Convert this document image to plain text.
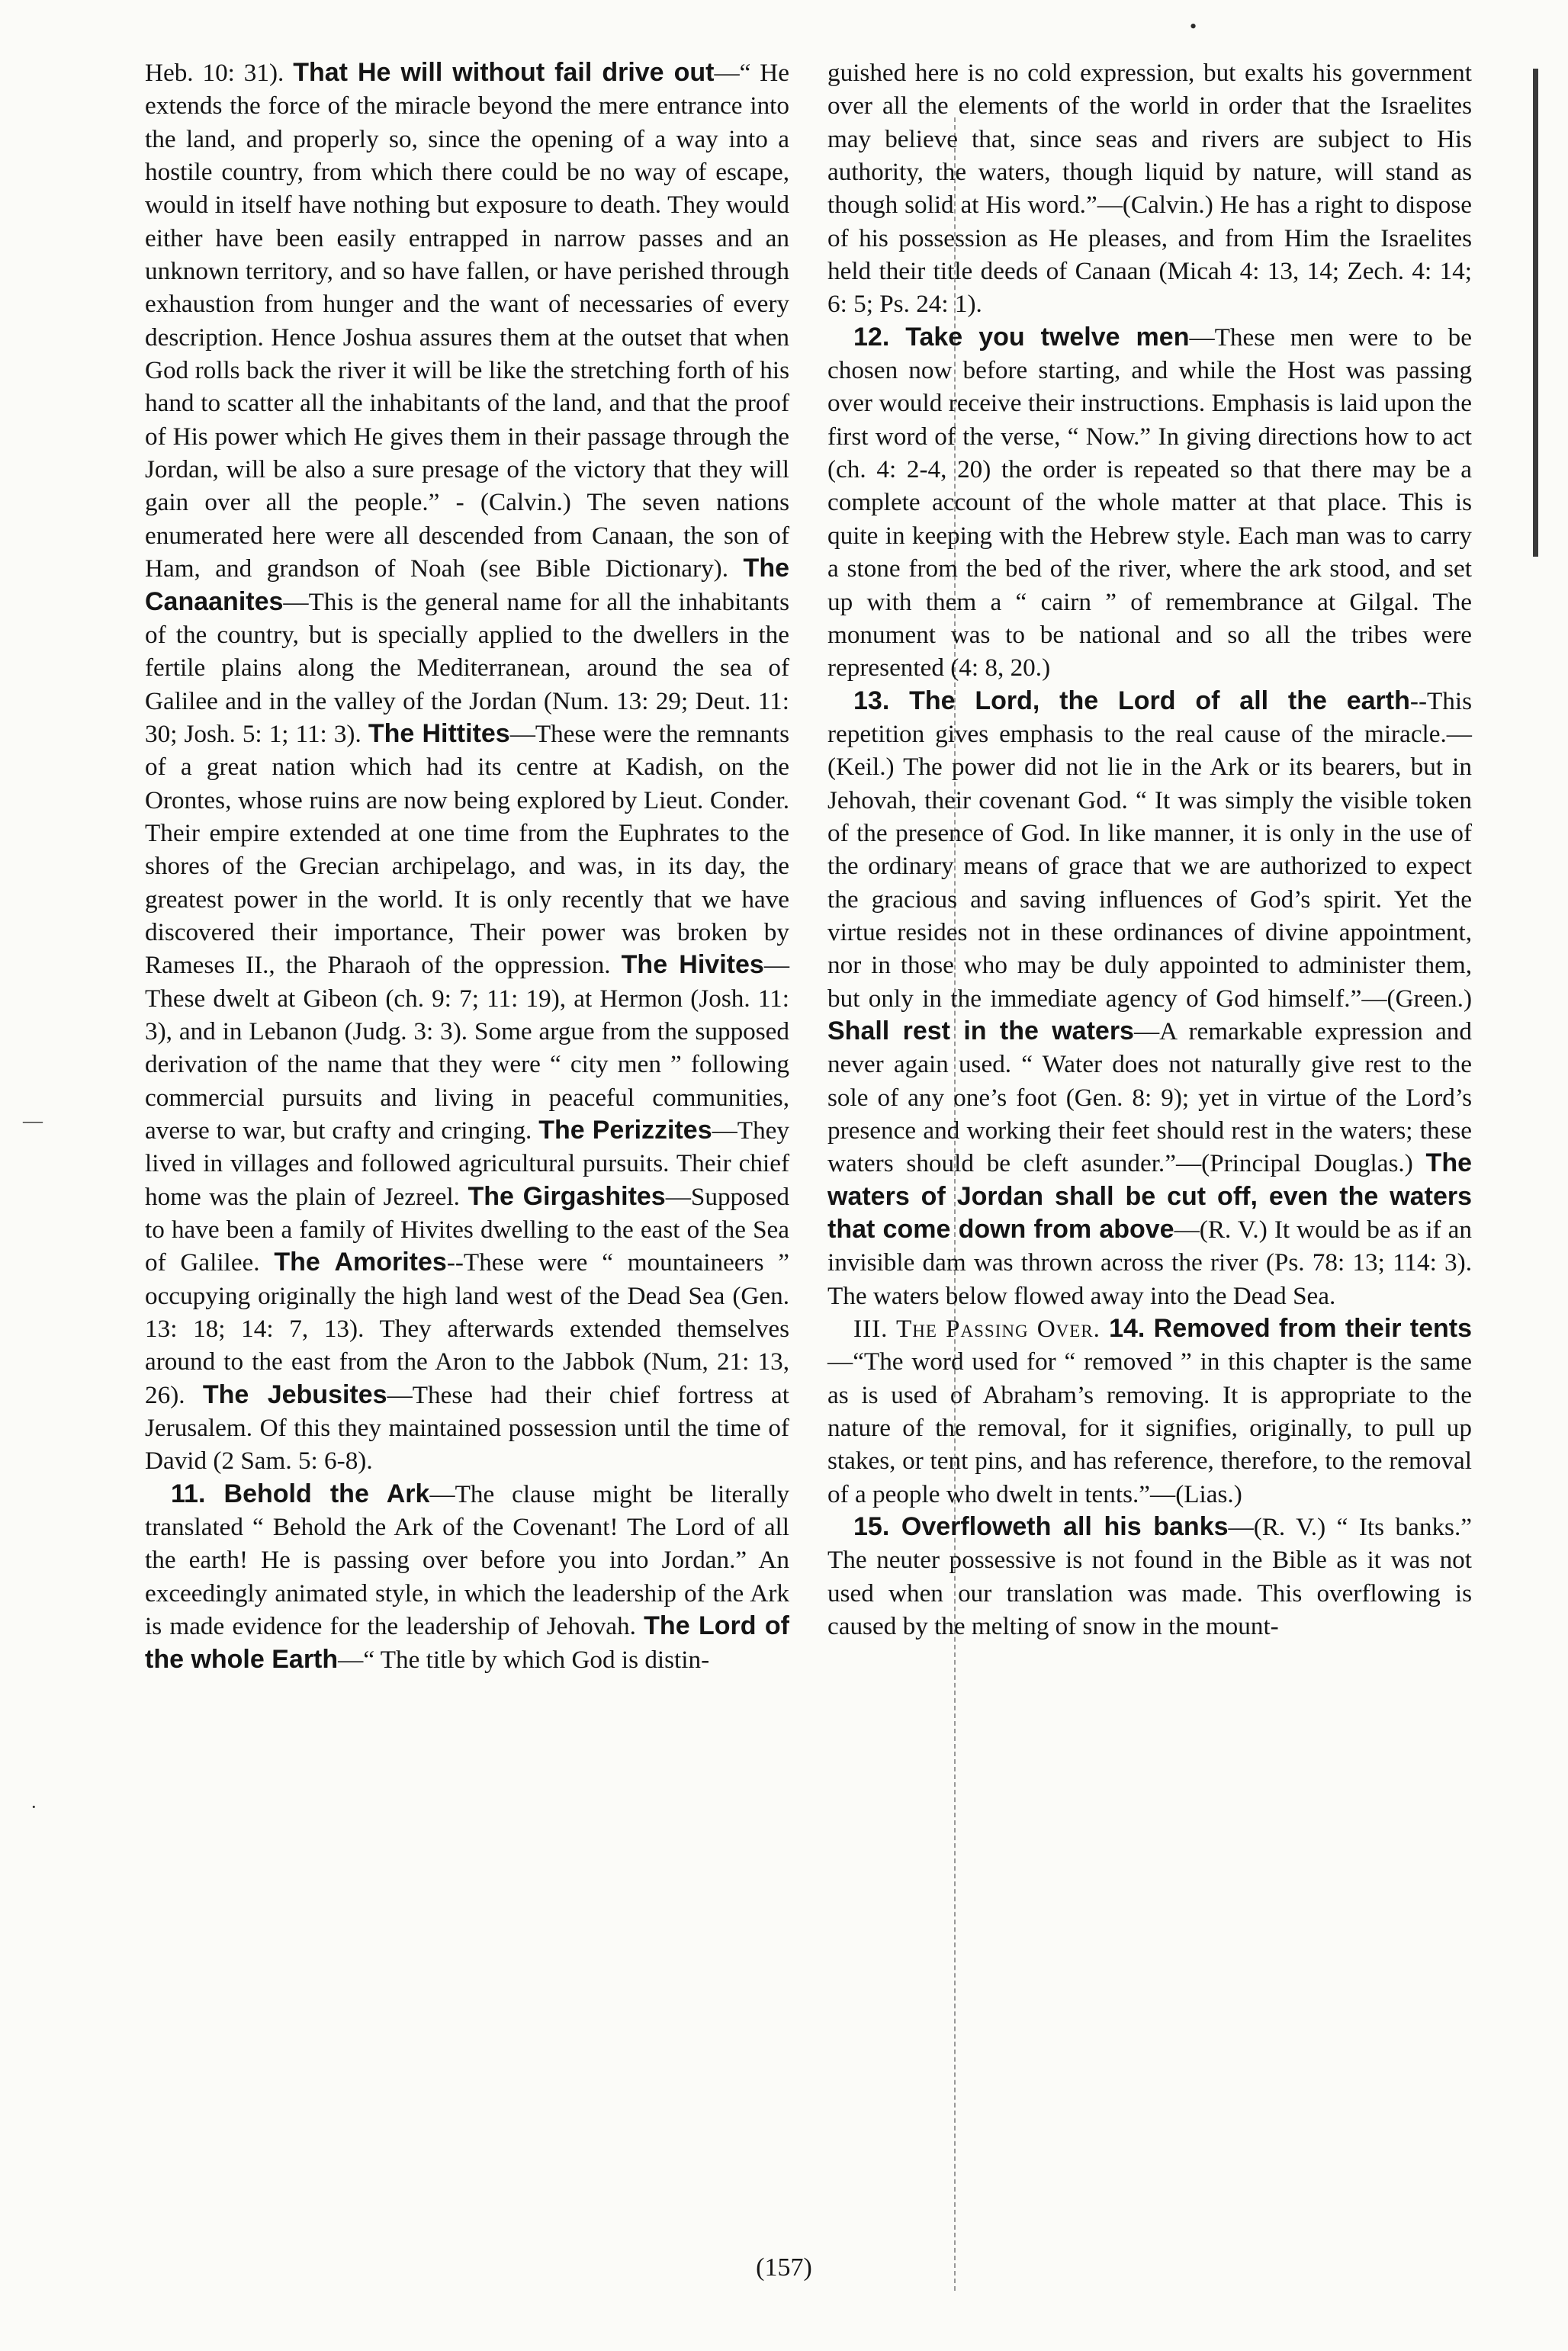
Heb. 10: 31). That He will without fail drive out—“ He extends the force of the miracle beyond the mere entrance into the land, and properly so, since the opening of a way into a hostile country, from which there could be no way of escape, would in itself have nothing but exposure to death. They would either have been easily entrapped in narrow passes and an unknown territory, and so have fallen, or have perished through exhaustion from hunger and the want of necessaries of every description. Hence Joshua assures them at the outset that when God rolls back the river it will be like the stretching forth of his hand to scatter all the inhabitants of the land, and that the proof of His power which He gives them in their passage through the Jordan, will be also a sure presage of the victory that they will gain over all the people.” - (Calvin.) The seven nations enumerated here were all descended from Canaan, the son of Ham, and grandson of Noah (see Bible Dictionary). The Canaanites—This is the general name for all the inhabitants of the country, but is specially applied to the dwellers in the fertile plains along the Mediterranean, around the sea of Galilee and in the valley of the Jordan (Num. 13: 29; Deut. 11: 30; Josh. 5: 1; 11: 3). The Hittites—These were the remnants of a great nation which had its centre at Kadish, on the Orontes, whose ruins are now being explored by Lieut. Conder. Their empire extended at one time from the Euphrates to the shores of the Grecian archipelago, and was, in its day, the greatest power in the world. It is only recently that we have discovered their importance, Their power was broken by Rameses II., the Pharaoh of the oppression. The Hivites—These dwelt at Gibeon (ch. 9: 7; 11: 19), at Hermon (Josh. 11: 3), and in Lebanon (Judg. 3: 3). Some argue from the supposed derivation of the name that they were “ city men ” following commercial pursuits and living in peaceful communities, averse to war, but crafty and cringing. The Perizzites—They lived in villages and followed agricultural pursuits. Their chief home was the plain of Jezreel. The Girgashites—Supposed to have been a family of Hivites dwelling to the east of the Sea of Galilee. The Amorites--These were “ mountaineers ” occupying originally the high land west of the Dead Sea (Gen. 13: 18; 14: 7, 13). They afterwards extended themselves around to the east from the Aron to the Jabbok (Num, 21: 13, 26). The Jebusites—These had their chief fortress at Jerusalem. Of this they maintained possession until the time of David (2 Sam. 5: 6-8).

11. Behold the Ark—The clause might be literally translated “ Behold the Ark of the Covenant! The Lord of all the earth! He is passing over before you into Jordan.” An exceedingly animated style, in which the leadership of the Ark is made evidence for the leadership of Jehovah. The Lord of the whole Earth—“ The title by which God is distin-

guished here is no cold expression, but exalts his government over all the elements of the world in order that the Israelites may believe that, since seas and rivers are subject to His authority, the waters, though liquid by nature, will stand as though solid at His word.”—(Calvin.) He has a right to dispose of his possession as He pleases, and from Him the Israelites held their title deeds of Canaan (Micah 4: 13, 14; Zech. 4: 14; 6: 5; Ps. 24: 1).

12. Take you twelve men—These men were to be chosen now before starting, and while the Host was passing over would receive their instructions. Emphasis is laid upon the first word of the verse, “ Now.” In giving directions how to act (ch. 4: 2-4, 20) the order is repeated so that there may be a complete account of the whole matter at that place. This is quite in keeping with the Hebrew style. Each man was to carry a stone from the bed of the river, where the ark stood, and set up with them a “ cairn ” of remembrance at Gilgal. The monument was to be national and so all the tribes were represented (4: 8, 20.)

13. The Lord, the Lord of all the earth--This repetition gives emphasis to the real cause of the miracle.—(Keil.) The power did not lie in the Ark or its bearers, but in Jehovah, their covenant God. “ It was simply the visible token of the presence of God. In like manner, it is only in the use of the ordinary means of grace that we are authorized to expect the gracious and saving influences of God’s spirit. Yet the virtue resides not in these ordinances of divine appointment, nor in those who may be duly appointed to administer them, but only in the immediate agency of God himself.”—(Green.) Shall rest in the waters—A remarkable expression and never again used. “ Water does not naturally give rest to the sole of any one’s foot (Gen. 8: 9); yet in virtue of the Lord’s presence and working their feet should rest in the waters; these waters should be cleft asunder.”—(Principal Douglas.) The waters of Jordan shall be cut off, even the waters that come down from above—(R. V.) It would be as if an invisible dam was thrown across the river (Ps. 78: 13; 114: 3). The waters below flowed away into the Dead Sea.

III. The Passing Over. 14. Removed from their tents—“The word used for “ removed ” in this chapter is the same as is used of Abraham’s removing. It is appropriate to the nature of the removal, for it signifies, originally, to pull up stakes, or tent pins, and has reference, therefore, to the removal of a people who dwelt in tents.”—(Lias.)

15. Overfloweth all his banks—(R. V.) “ Its banks.” The neuter possessive is not found in the Bible as it was not used when our translation was made. This overflowing is caused by the melting of snow in the mount-

(157)
•
—
·
